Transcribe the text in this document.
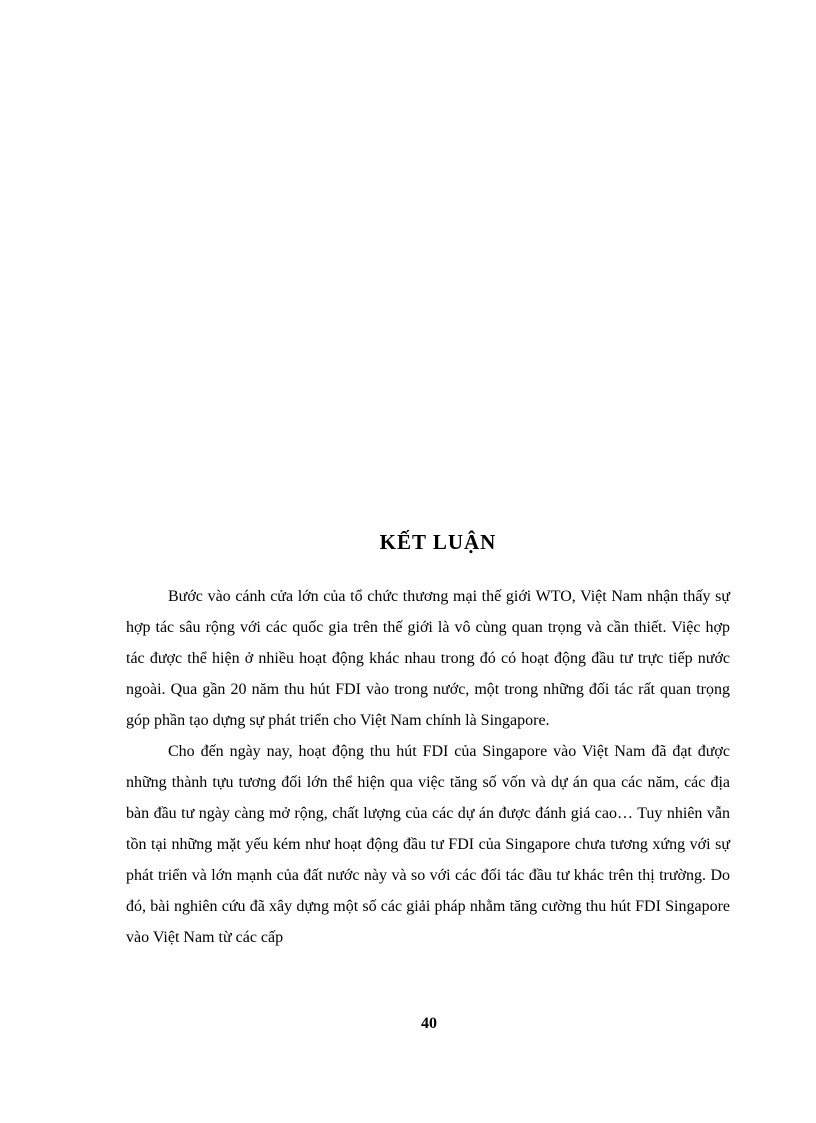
KẾT LUẬN

Bước vào cánh cửa lớn của tổ chức thương mại thế giới WTO, Việt Nam nhận thấy sự hợp tác sâu rộng với các quốc gia trên thế giới là vô cùng quan trọng và cần thiết. Việc hợp tác được thể hiện ở nhiều hoạt động khác nhau trong đó có hoạt động đầu tư trực tiếp nước ngoài. Qua gần 20 năm thu hút FDI vào trong nước, một trong những đối tác rất quan trọng góp phần tạo dựng sự phát triển cho Việt Nam chính là Singapore.

Cho đến ngày nay, hoạt động thu hút FDI của Singapore vào Việt Nam đã đạt được những thành tựu tương đối lớn thể hiện qua việc tăng số vốn và dự án qua các năm, các địa bàn đầu tư ngày càng mở rộng, chất lượng của các dự án được đánh giá cao… Tuy nhiên vẫn tồn tại những mặt yếu kém như hoạt động đầu tư FDI của Singapore chưa tương xứng với sự phát triển và lớn mạnh của đất nước này và so với các đối tác đầu tư khác trên thị trường. Do đó, bài nghiên cứu đã xây dựng một số các giải pháp nhằm tăng cường thu hút FDI Singapore vào Việt Nam từ các cấp

40
